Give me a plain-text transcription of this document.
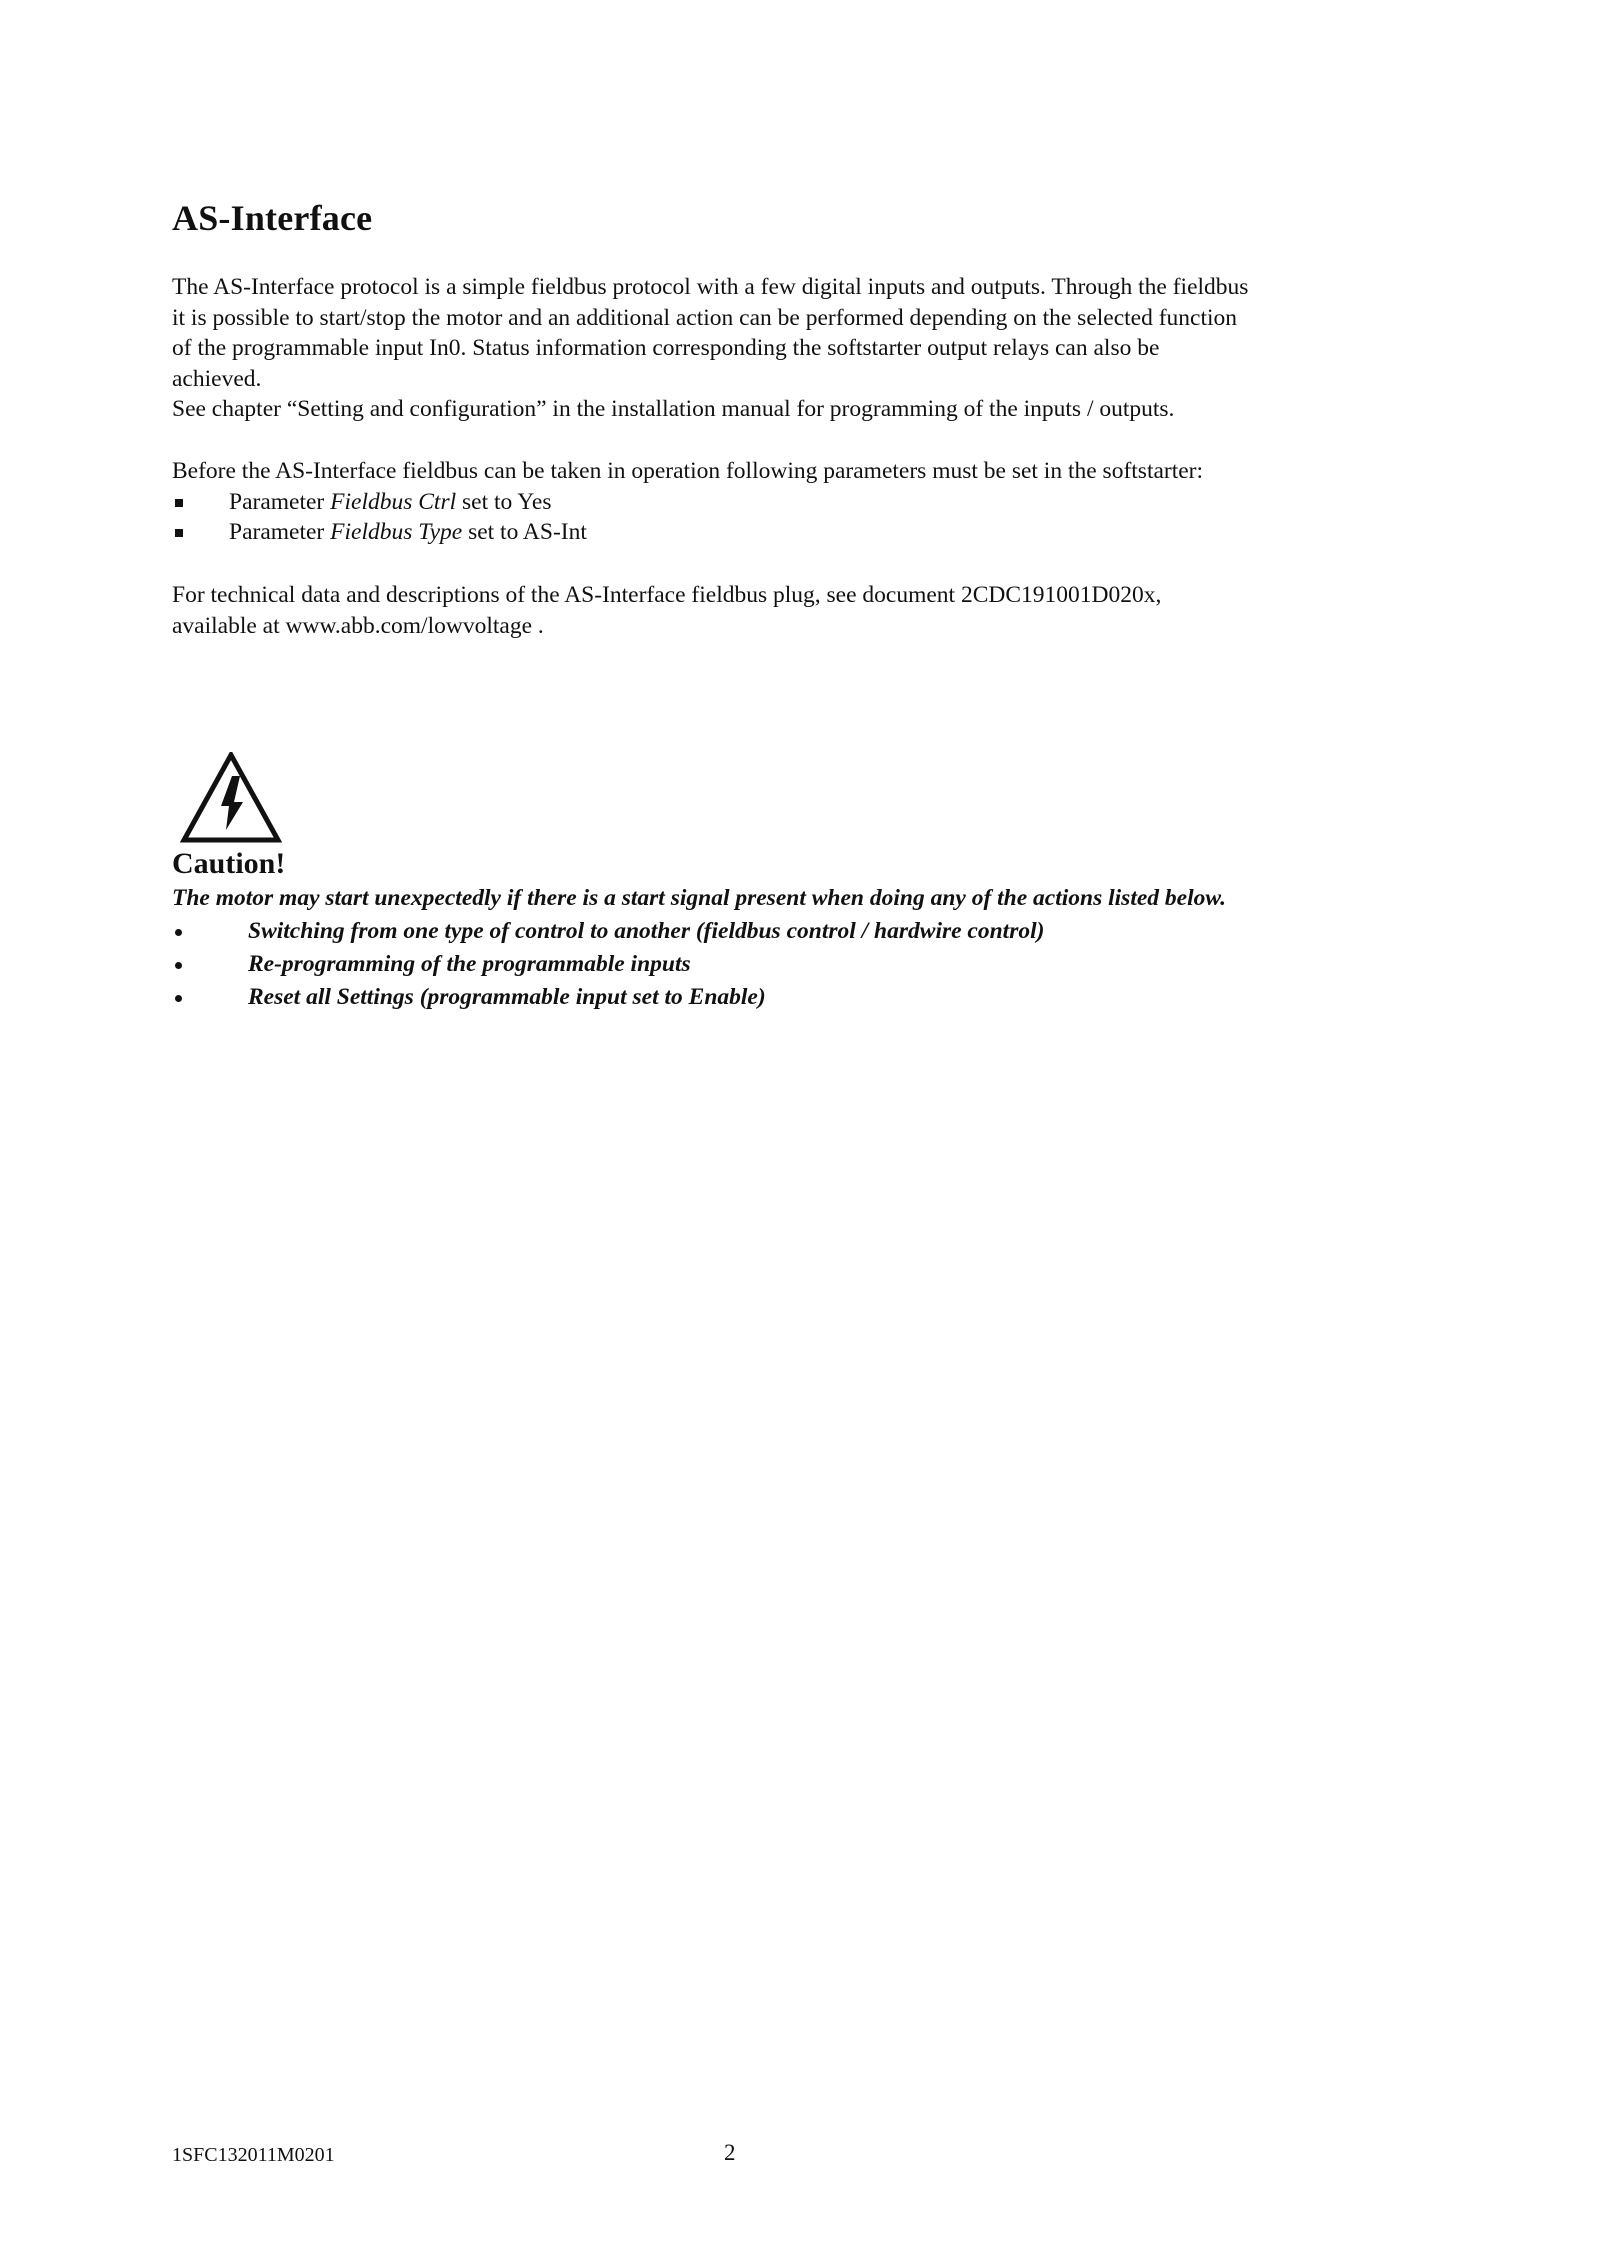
AS-Interface

The AS-Interface protocol is a simple fieldbus protocol with a few digital inputs and outputs. Through the fieldbus

it is possible to start/stop the motor and an additional action can be performed depending on the selected function

of the programmable input In0. Status information corresponding the softstarter output relays can also be

achieved.

See chapter “Setting and configuration” in the installation manual for programming of the inputs / outputs.

Before the AS-Interface fieldbus can be taken in operation following parameters must be set in the softstarter:

Parameter Fieldbus Ctrl set to Yes
Parameter Fieldbus Type set to AS-Int

For technical data and descriptions of the AS-Interface fieldbus plug, see document 2CDC191001D020x,

available at www.abb.com/lowvoltage .

Caution!

The motor may start unexpectedly if there is a start signal present when doing any of the actions listed below.

Switching from one type of control to another (fieldbus control / hardwire control)
Re-programming of the programmable inputs
Reset all Settings (programmable input set to Enable)
1SFC132011M0201	2
